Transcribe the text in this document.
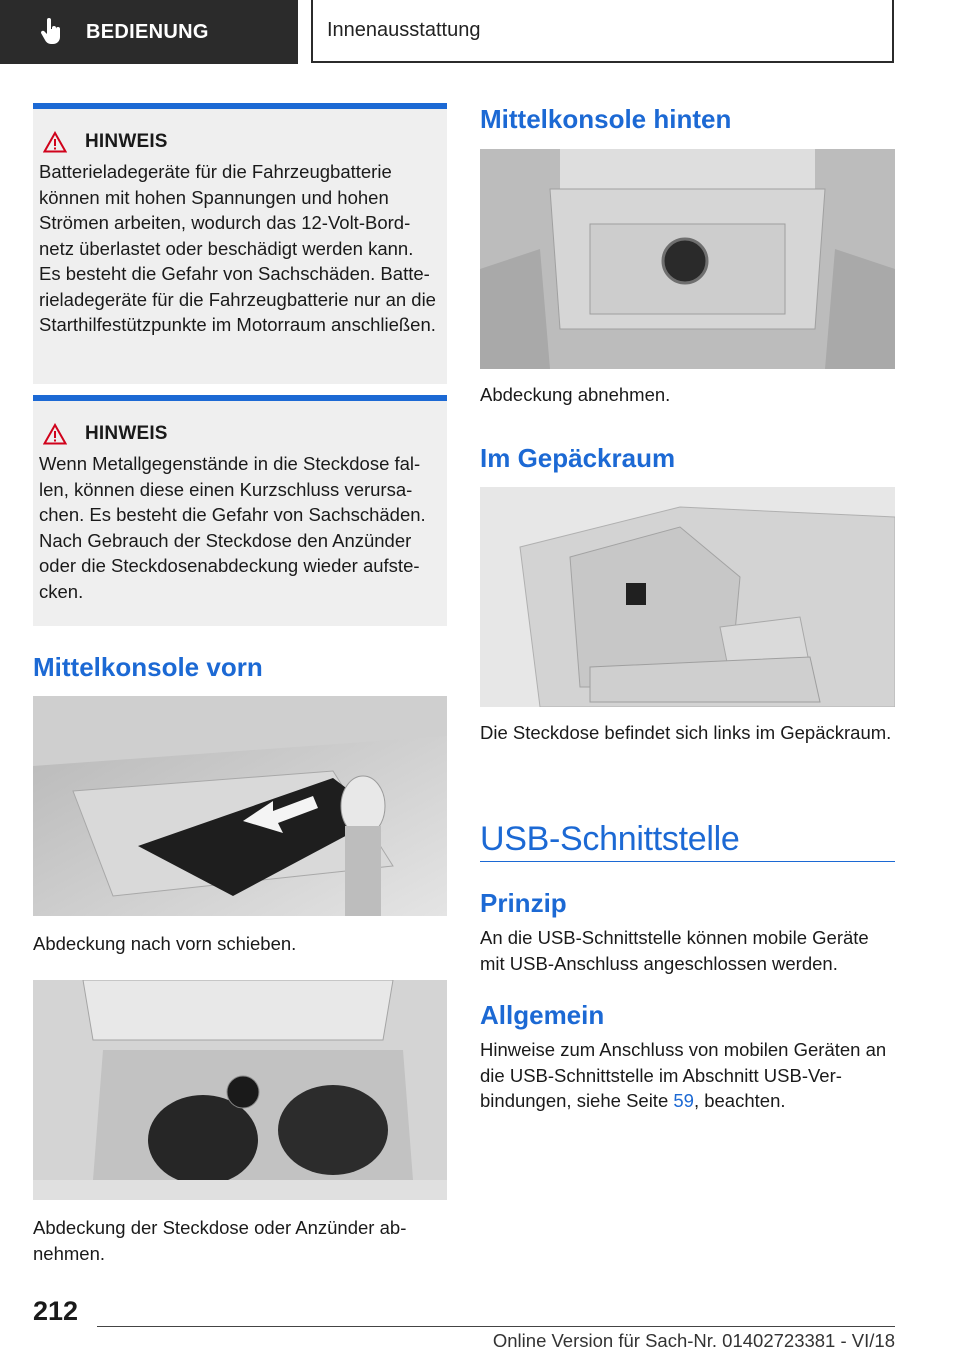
BEDIENUNG	Innenausstattung
HINWEIS
Batterieladegeräte für die Fahrzeugbatterie können mit hohen Spannungen und hohen Strömen arbeiten, wodurch das 12-Volt-Bordnetz überlastet oder beschädigt werden kann. Es besteht die Gefahr von Sachschäden. Batterieladegeräte für die Fahrzeugbatterie nur an die Starthilfestützpunkte im Motorraum anschließen.
HINWEIS
Wenn Metallgegenstände in die Steckdose fallen, können diese einen Kurzschluss verursachen. Es besteht die Gefahr von Sachschäden. Nach Gebrauch der Steckdose den Anzünder oder die Steckdosenabdeckung wieder aufstecken.
Mittelkonsole vorn

Abdeckung nach vorn schieben.

Abdeckung der Steckdose oder Anzünder abnehmen.

Mittelkonsole hinten

Abdeckung abnehmen.

Im Gepäckraum

Die Steckdose befindet sich links im Gepäckraum.

USB-Schnittstelle
Prinzip

An die USB-Schnittstelle können mobile Geräte mit USB-Anschluss angeschlossen werden.

Allgemein

Hinweise zum Anschluss von mobilen Geräten an die USB-Schnittstelle im Abschnitt USB-Verbindungen, siehe Seite 59, beachten.

212
Online Version für Sach-Nr. 01402723381 - VI/18
